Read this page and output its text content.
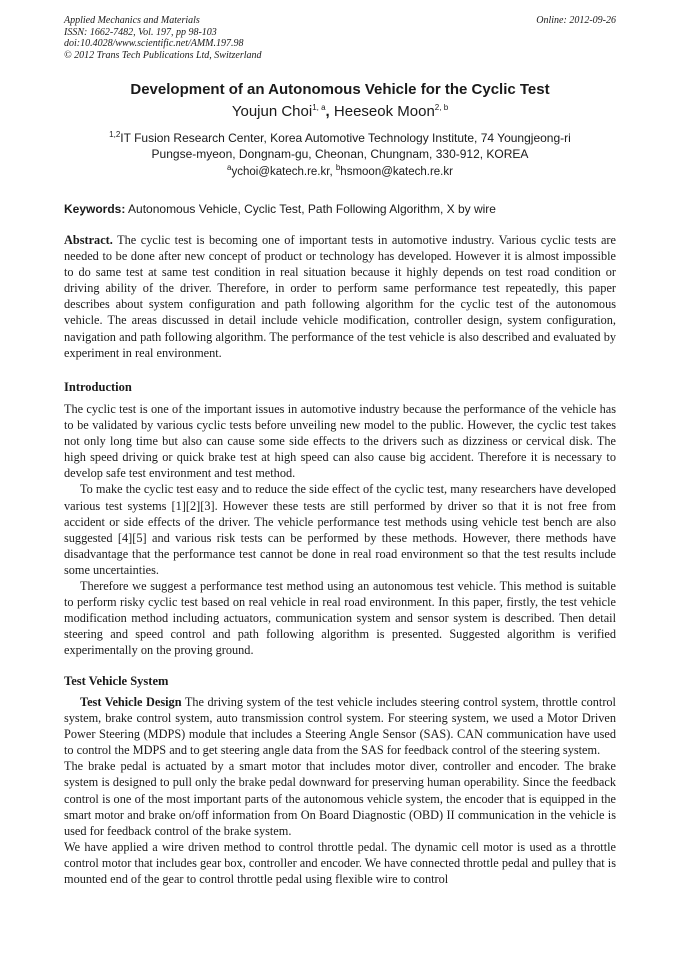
Applied Mechanics and Materials
ISSN: 1662-7482, Vol. 197, pp 98-103
doi:10.4028/www.scientific.net/AMM.197.98
© 2012 Trans Tech Publications Ltd, Switzerland
Online: 2012-09-26
Development of an Autonomous Vehicle for the Cyclic Test
Youjun Choi$^{1, a}$, Heeseok Moon$^{2, b}$
$^{1,2}$IT Fusion Research Center, Korea Automotive Technology Institute, 74 Youngjeong-ri
Pungse-myeon, Dongnam-gu, Cheonan, Chungnam, 330-912, KOREA
$^a$ychoi@katech.re.kr, $^b$hsmoon@katech.re.kr
Keywords: Autonomous Vehicle, Cyclic Test, Path Following Algorithm, X by wire

Abstract. The cyclic test is becoming one of important tests in automotive industry. Various cyclic tests are needed to be done after new concept of product or technology has developed. However it is almost impossible to do same test at same test condition in real situation because it highly depends on test road condition or driving ability of the driver. Therefore, in order to perform same performance test repeatedly, this paper describes about system configuration and path following algorithm for the cyclic test of the autonomous vehicle. The areas discussed in detail include vehicle modification, controller design, system configuration, navigation and path following algorithm. The performance of the test vehicle is also described and evaluated by experiment in real environment.

Introduction

The cyclic test is one of the important issues in automotive industry because the performance of the vehicle has to be validated by various cyclic tests before unveiling new model to the public. However, the cyclic test takes not only long time but also can cause some side effects to the drivers such as dizziness or cervical disk. The high speed driving or quick brake test at high speed can also cause big accident. Therefore it is necessary to develop safe test environment and test method.

To make the cyclic test easy and to reduce the side effect of the cyclic test, many researchers have developed various test systems [1][2][3]. However these tests are still performed by driver so that it is not free from accident or side effects of the driver. The vehicle performance test methods using vehicle test bench are also suggested [4][5] and various risk tests can be performed by these methods. However, there methods have disadvantage that the performance test cannot be done in real road environment so that the test results include some uncertainties.

Therefore we suggest a performance test method using an autonomous test vehicle. This method is suitable to perform risky cyclic test based on real vehicle in real road environment. In this paper, firstly, the test vehicle modification method including actuators, communication system and sensor system is described. Then detail steering and speed control and path following algorithm is presented. Suggested algorithm is verified experimentally on the proving ground.

Test Vehicle System

Test Vehicle Design The driving system of the test vehicle includes steering control system, throttle control system, brake control system, auto transmission control system. For steering system, we used a Motor Driven Power Steering (MDPS) module that includes a Steering Angle Sensor (SAS). CAN communication have used to control the MDPS and to get steering angle data from the SAS for feedback control of the steering system.

The brake pedal is actuated by a smart motor that includes motor diver, controller and encoder. The brake system is designed to pull only the brake pedal downward for preserving human operability. Since the feedback control is one of the most important parts of the autonomous vehicle system, the encoder that is equipped in the smart motor and brake on/off information from On Board Diagnostic (OBD) II communication in the vehicle is used for feedback control of the brake system.

We have applied a wire driven method to control throttle pedal. The dynamic cell motor is used as a throttle control motor that includes gear box, controller and encoder. We have connected throttle pedal and pulley that is mounted end of the gear to control throttle pedal using flexible wire to control
